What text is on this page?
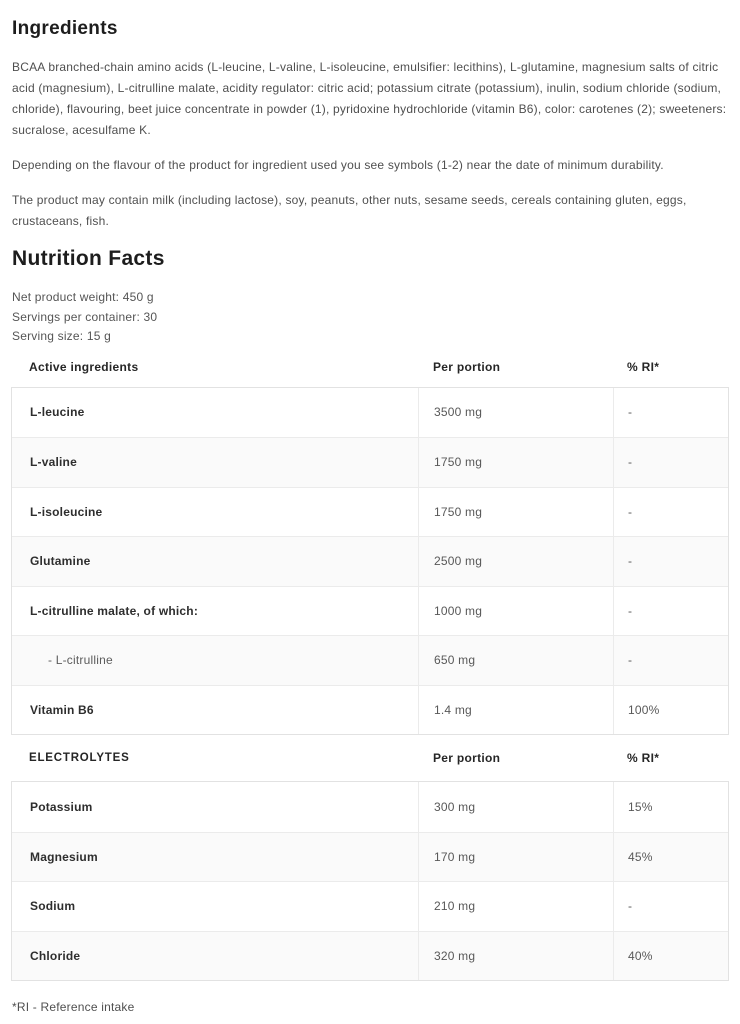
Ingredients

BCAA branched-chain amino acids (L-leucine, L-valine, L-isoleucine, emulsifier: lecithins), L-glutamine, magnesium salts of citric acid (magnesium), L-citrulline malate, acidity regulator: citric acid; potassium citrate (potassium), inulin, sodium chloride (sodium, chloride), flavouring, beet juice concentrate in powder (1), pyridoxine hydrochloride (vitamin B6), color: carotenes (2); sweeteners: sucralose, acesulfame K.

Depending on the flavour of the product for ingredient used you see symbols (1-2) near the date of minimum durability.

The product may contain milk (including lactose), soy, peanuts, other nuts, sesame seeds, cereals containing gluten, eggs, crustaceans, fish.

Nutrition Facts
Net product weight: 450 g
Servings per container: 30
Serving size: 15 g
Active ingredients	Per portion	% RI*
L-leucine	3500 mg	-
L-valine	1750 mg	-
L-isoleucine	1750 mg	-
Glutamine	2500 mg	-
L-citrulline malate, of which:	1000 mg	-
- L-citrulline	650 mg	-
Vitamin B6	1.4 mg	100%
ELECTROLYTES	Per portion	% RI*
Potassium	300 mg	15%
Magnesium	170 mg	45%
Sodium	210 mg	-
Chloride	320 mg	40%
*RI - Reference intake
